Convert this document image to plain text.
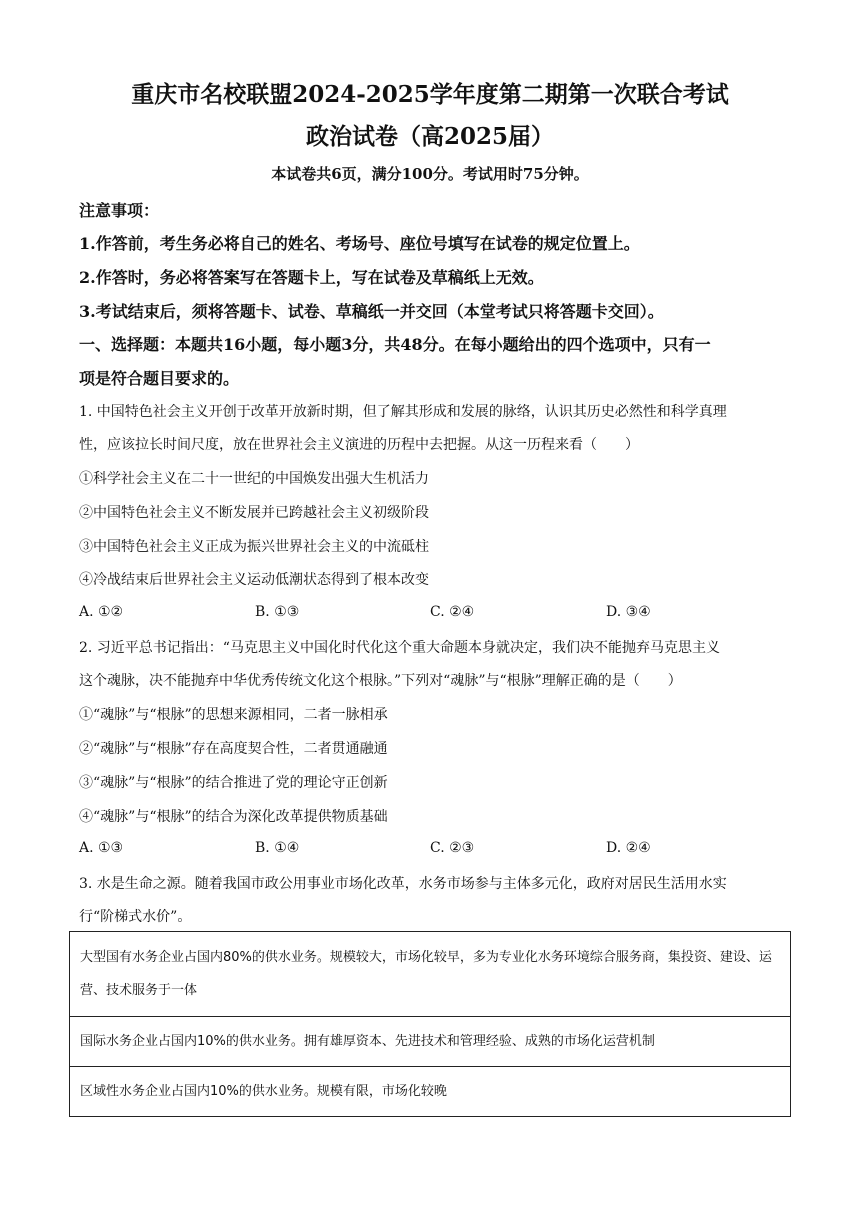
重庆市名校联盟2024-2025学年度第二期第一次联合考试
政治试卷（高2025届）
本试卷共6页，满分100分。考试用时75分钟。
注意事项：
1.作答前，考生务必将自己的姓名、考场号、座位号填写在试卷的规定位置上。
2.作答时，务必将答案写在答题卡上，写在试卷及草稿纸上无效。
3.考试结束后，须将答题卡、试卷、草稿纸一并交回（本堂考试只将答题卡交回）。
一、选择题：本题共16小题，每小题3分，共48分。在每小题给出的四个选项中，只有一
项是符合题目要求的。
1. 中国特色社会主义开创于改革开放新时期，但了解其形成和发展的脉络，认识其历史必然性和科学真理
性，应该拉长时间尺度，放在世界社会主义演进的历程中去把握。从这一历程来看（　　）
①科学社会主义在二十一世纪的中国焕发出强大生机活力
②中国特色社会主义不断发展并已跨越社会主义初级阶段
③中国特色社会主义正成为振兴世界社会主义的中流砥柱
④冷战结束后世界社会主义运动低潮状态得到了根本改变
A. ①②	B. ①③	C. ②④	D. ③④
2. 习近平总书记指出：“马克思主义中国化时代化这个重大命题本身就决定，我们决不能抛弃马克思主义
这个魂脉，决不能抛弃中华优秀传统文化这个根脉。”下列对“魂脉”与“根脉”理解正确的是（　　）
①“魂脉”与“根脉”的思想来源相同，二者一脉相承
②“魂脉”与“根脉”存在高度契合性，二者贯通融通
③“魂脉”与“根脉”的结合推进了党的理论守正创新
④“魂脉”与“根脉”的结合为深化改革提供物质基础
A. ①③	B. ①④	C. ②③	D. ②④
3. 水是生命之源。随着我国市政公用事业市场化改革，水务市场参与主体多元化，政府对居民生活用水实
行“阶梯式水价”。
大型国有水务企业占国内80%的供水业务。规模较大，市场化较早，多为专业化水务环境综合服务商，集投资、建设、运营、技术服务于一体
国际水务企业占国内10%的供水业务。拥有雄厚资本、先进技术和管理经验、成熟的市场化运营机制
区域性水务企业占国内10%的供水业务。规模有限，市场化较晚
